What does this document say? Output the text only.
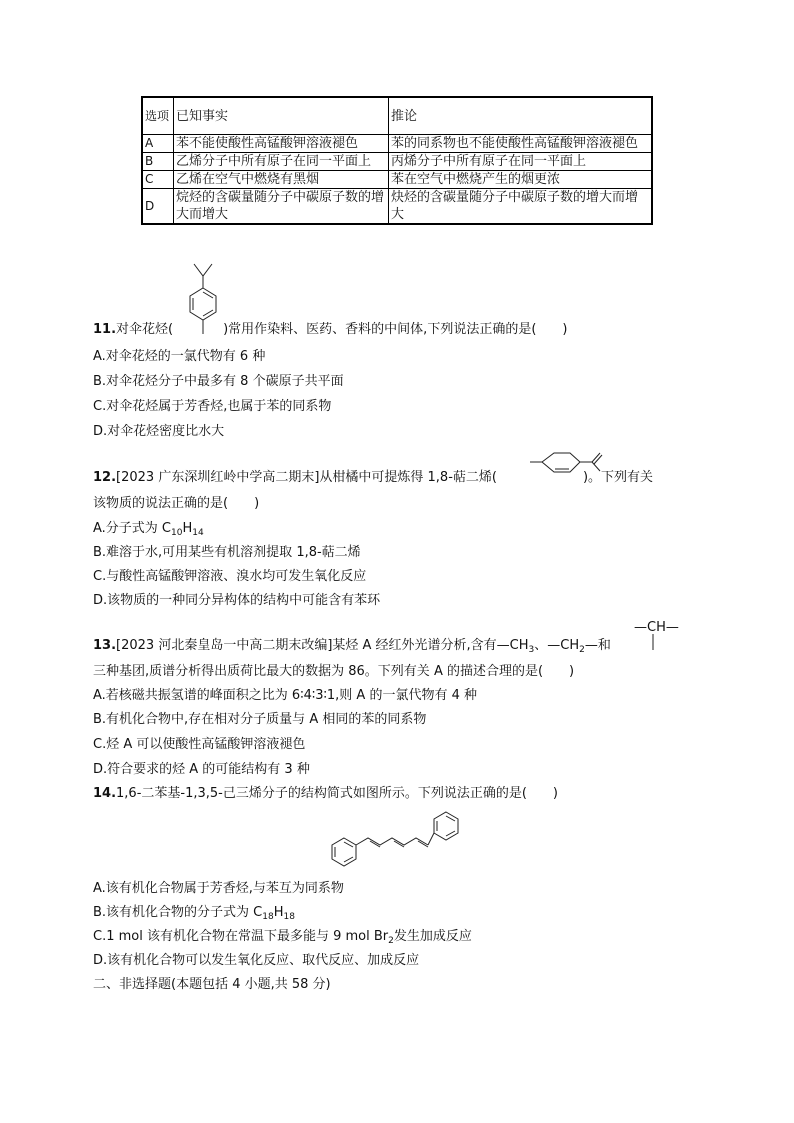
选项	已知事实	推论
A	苯不能使酸性高锰酸钾溶液褪色	苯的同系物也不能使酸性高锰酸钾溶液褪色
B	乙烯分子中所有原子在同一平面上	丙烯分子中所有原子在同一平面上
C	乙烯在空气中燃烧有黑烟	苯在空气中燃烧产生的烟更浓
D	烷烃的含碳量随分子中碳原子数的增大而增大	炔烃的含碳量随分子中碳原子数的增大而增大
11.对伞花烃(	)常用作染料、医药、香料的中间体,下列说法正确的是(　　)
A.对伞花烃的一氯代物有 6 种
B.对伞花烃分子中最多有 8 个碳原子共平面
C.对伞花烃属于芳香烃,也属于苯的同系物
D.对伞花烃密度比水大
12.[2023 广东深圳红岭中学高二期末]从柑橘中可提炼得 1,8-萜二烯(	)。下列有关
该物质的说法正确的是(　　)
A.分子式为 $C_{10}H_{14}$
B.难溶于水,可用某些有机溶剂提取 1,8-萜二烯
C.与酸性高锰酸钾溶液、溴水均可发生氧化反应
D.该物质的一种同分异构体的结构中可能含有苯环
13.[2023 河北秦皇岛一中高二期末改编]某烃 A 经红外光谱分析,含有$—CH_3$、$—CH_2—$和
—CH—
三种基团,质谱分析得出质荷比最大的数据为 86。下列有关 A 的描述合理的是(　　)
A.若核磁共振氢谱的峰面积之比为 6∶4∶3∶1,则 A 的一氯代物有 4 种
B.有机化合物中,存在相对分子质量与 A 相同的苯的同系物
C.烃 A 可以使酸性高锰酸钾溶液褪色
D.符合要求的烃 A 的可能结构有 3 种
14.1,6-二苯基-1,3,5-己三烯分子的结构简式如图所示。下列说法正确的是(　　)
A.该有机化合物属于芳香烃,与苯互为同系物
B.该有机化合物的分子式为 $C_{18}H_{18}$
C.1 mol 该有机化合物在常温下最多能与 9 mol $Br_2$发生加成反应
D.该有机化合物可以发生氧化反应、取代反应、加成反应
二、非选择题(本题包括 4 小题,共 58 分)
